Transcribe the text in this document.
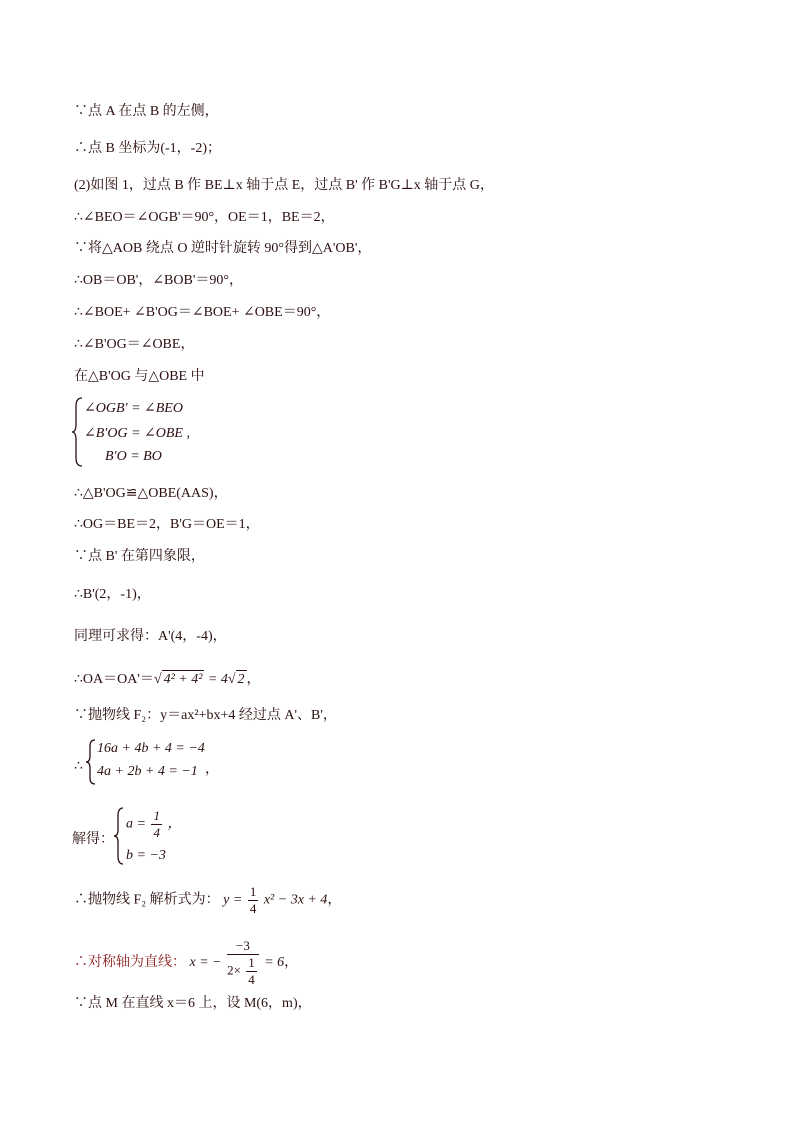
∵点 A 在点 B 的左侧，
∴点 B 坐标为(-1，-2)；
(2)如图 1，过点 B 作 BE⊥x 轴于点 E，过点 B' 作 B'G⊥x 轴于点 G，
∴∠BEO＝∠OGB'＝90°，OE＝1，BE＝2，
∵将△AOB 绕点 O 逆时针旋转 90°得到△A'OB'，
∴OB＝OB'，∠BOB'＝90°，
∴∠BOE+ ∠B'OG＝∠BOE+ ∠OBE＝90°，
∴∠B'OG＝∠OBE，
在△B'OG 与△OBE 中
∠OGB′ = ∠BEO
∠B′OG = ∠OBE ,
B′O = BO
∴△B'OG≌△OBE(AAS)，
∴OG＝BE＝2，B'G＝OE＝1，
∵点 B' 在第四象限，
∴B'(2，-1)，
同理可求得：A'(4，-4)，
∴OA＝OA'＝√ 4² + 4² = 4√ 2 ，
∵抛物线 F₂：y＝ax²+bx+4 经过点 A'、B'，
∴
16a + 4b + 4 = −4
4a + 2b + 4 = −1 ，
解得：
$a = \frac{1}{4}$ ，
b = −3
∴抛物线 F₂ 解析式为： $y = \frac{1}{4} x^2 - 3x + 4$，
∴对称轴为直线： x = − $\frac{-3}{2\times \frac{1}{4}} = 6$，
∵点 M 在直线 x＝6 上，设 M(6，m)，
